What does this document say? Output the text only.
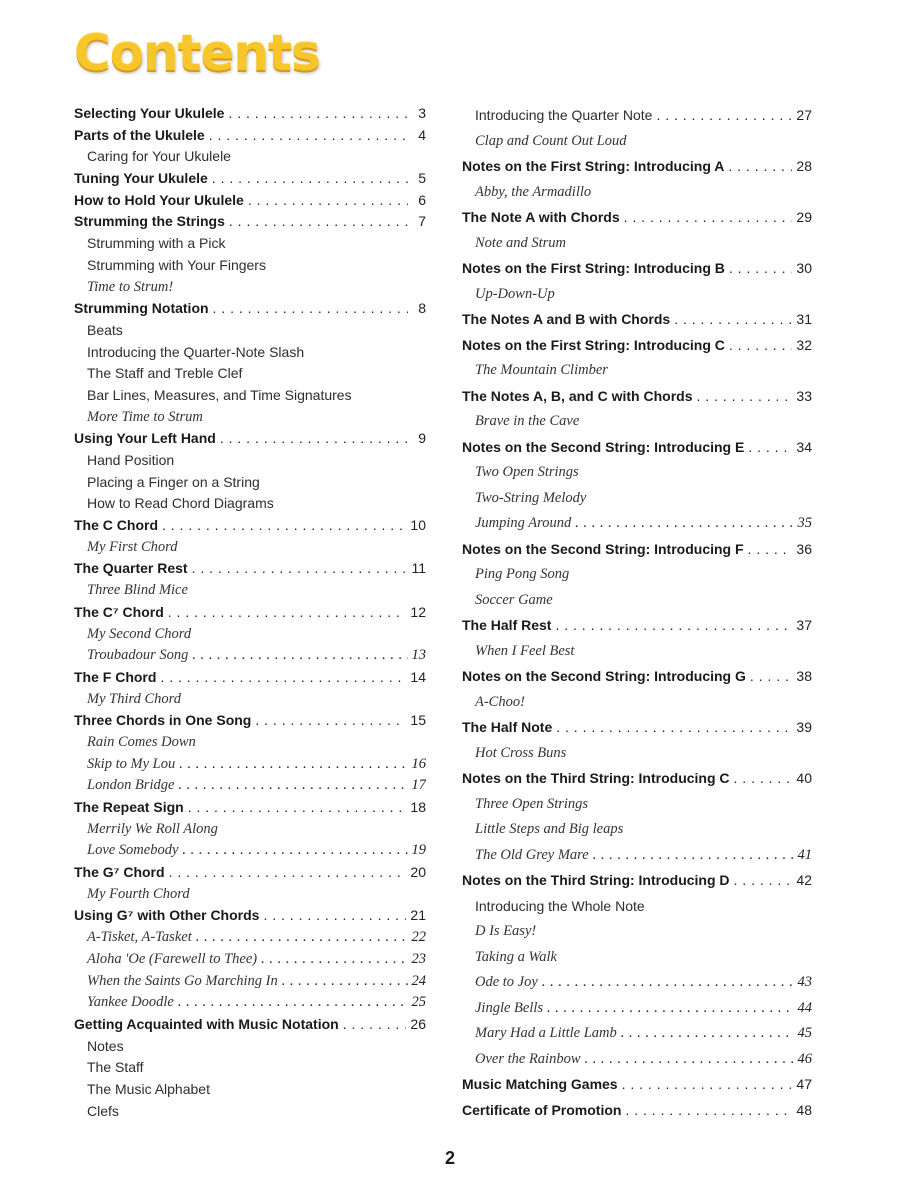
Contents
Selecting Your Ukulele . . .	3
Parts of the Ukulele . . .	4
Caring for Your Ukulele
Tuning Your Ukulele . . .	5
How to Hold Your Ukulele . . .	6
Strumming the Strings . . .	7
Strumming with a Pick
Strumming with Your Fingers
Time to Strum!
Strumming Notation . . .	8
Beats
Introducing the Quarter-Note Slash
The Staff and Treble Clef
Bar Lines, Measures, and Time Signatures
More Time to Strum
Using Your Left Hand . . .	9
Hand Position
Placing a Finger on a String
How to Read Chord Diagrams
The C Chord . . .	10
My First Chord
The Quarter Rest . . .	11
Three Blind Mice
The C⁷ Chord . . .	12
My Second Chord
Troubadour Song . . .	13
The F Chord . . .	14
My Third Chord
Three Chords in One Song . . .	15
Rain Comes Down
Skip to My Lou . . .	16
London Bridge . . .	17
The Repeat Sign . . .	18
Merrily We Roll Along
Love Somebody . . .	19
The G⁷ Chord . . .	20
My Fourth Chord
Using G⁷ with Other Chords . . .	21
A-Tisket, A-Tasket . . .	22
Aloha 'Oe (Farewell to Thee) . . .	23
When the Saints Go Marching In . . .	24
Yankee Doodle . . .	25
Getting Acquainted with Music Notation . . .	26
Notes
The Staff
The Music Alphabet
Clefs
Introducing the Quarter Note . . .	27
Clap and Count Out Loud
Notes on the First String: Introducing A . . .	28
Abby, the Armadillo
The Note A with Chords . . .	29
Note and Strum
Notes on the First String: Introducing B . . .	30
Up-Down-Up
The Notes A and B with Chords . . .	31
Notes on the First String: Introducing C . . .	32
The Mountain Climber
The Notes A, B, and C with Chords . . .	33
Brave in the Cave
Notes on the Second String: Introducing E . . .	34
Two Open Strings
Two-String Melody
Jumping Around . . .	35
Notes on the Second String: Introducing F . . .	36
Ping Pong Song
Soccer Game
The Half Rest . . .	37
When I Feel Best
Notes on the Second String: Introducing G . . .	38
A-Choo!
The Half Note . . .	39
Hot Cross Buns
Notes on the Third String: Introducing C . . .	40
Three Open Strings
Little Steps and Big leaps
The Old Grey Mare . . .	41
Notes on the Third String: Introducing D . . .	42
Introducing the Whole Note
D Is Easy!
Taking a Walk
Ode to Joy . . .	43
Jingle Bells . . .	44
Mary Had a Little Lamb . . .	45
Over the Rainbow . . .	46
Music Matching Games . . .	47
Certificate of Promotion . . .	48
2
